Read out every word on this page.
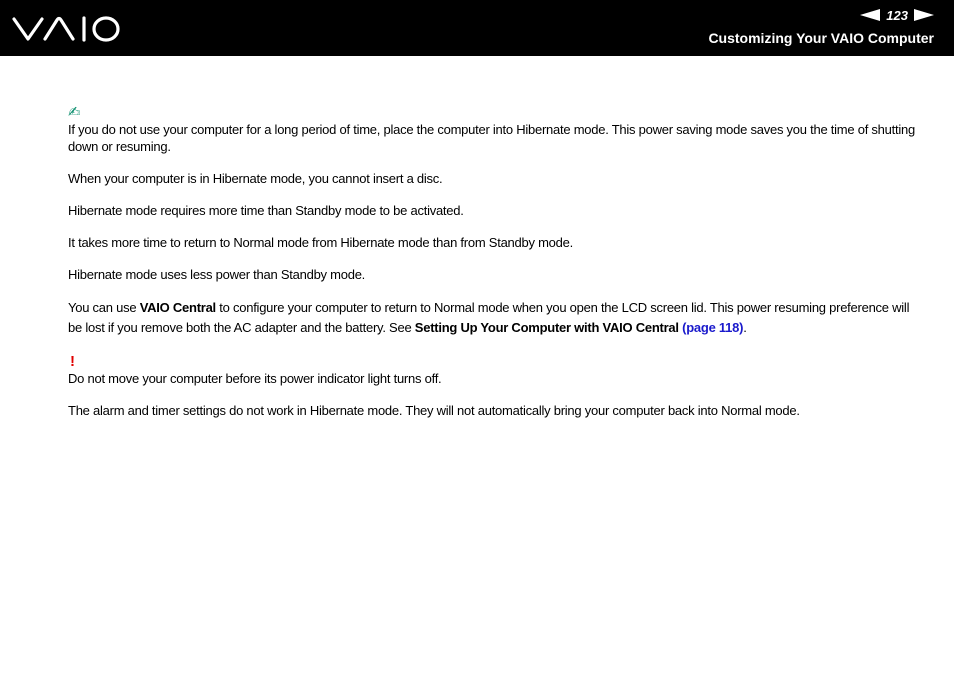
123
Customizing Your VAIO Computer
✍

If you do not use your computer for a long period of time, place the computer into Hibernate mode. This power saving mode saves you the time of shutting down or resuming.

When your computer is in Hibernate mode, you cannot insert a disc.

Hibernate mode requires more time than Standby mode to be activated.

It takes more time to return to Normal mode from Hibernate mode than from Standby mode.

Hibernate mode uses less power than Standby mode.

You can use VAIO Central to configure your computer to return to Normal mode when you open the LCD screen lid. This power resuming preference will be lost if you remove both the AC adapter and the battery. See Setting Up Your Computer with VAIO Central (page 118).

!

Do not move your computer before its power indicator light turns off.

The alarm and timer settings do not work in Hibernate mode. They will not automatically bring your computer back into Normal mode.
